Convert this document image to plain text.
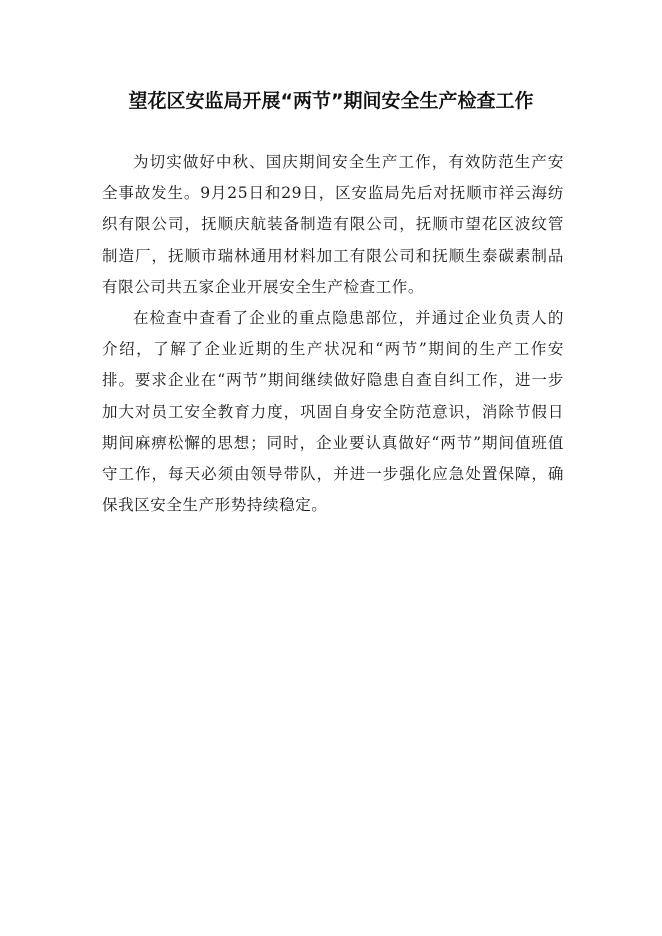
望花区安监局开展“两节”期间安全生产检查工作

为切实做好中秋、国庆期间安全生产工作，有效防范生产安全事故发生。9月25日和29日，区安监局先后对抚顺市祥云海纺织有限公司，抚顺庆航装备制造有限公司，抚顺市望花区波纹管制造厂，抚顺市瑞林通用材料加工有限公司和抚顺生泰碳素制品有限公司共五家企业开展安全生产检查工作。

在检查中查看了企业的重点隐患部位，并通过企业负责人的介绍，了解了企业近期的生产状况和“两节”期间的生产工作安排。要求企业在“两节”期间继续做好隐患自查自纠工作，进一步加大对员工安全教育力度，巩固自身安全防范意识，消除节假日期间麻痹松懈的思想；同时，企业要认真做好“两节”期间值班值守工作，每天必须由领导带队，并进一步强化应急处置保障，确保我区安全生产形势持续稳定。
